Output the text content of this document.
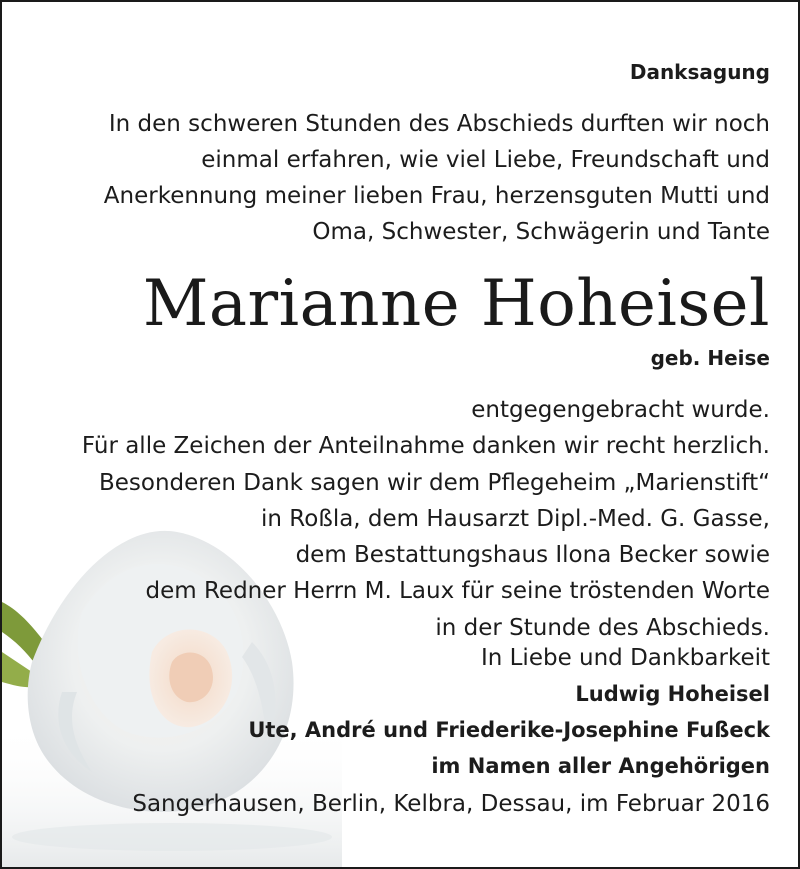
Danksagung
In den schweren Stunden des Abschieds durften wir noch
einmal erfahren, wie viel Liebe, Freundschaft und
Anerkennung meiner lieben Frau, herzensguten Mutti und
Oma, Schwester, Schwägerin und Tante
Marianne Hoheisel
geb. Heise
entgegengebracht wurde.
Für alle Zeichen der Anteilnahme danken wir recht herzlich.
Besonderen Dank sagen wir dem Pflegeheim „Marienstift“
in Roßla, dem Hausarzt Dipl.-Med. G. Gasse,
dem Bestattungshaus Ilona Becker sowie
dem Redner Herrn M. Laux für seine tröstenden Worte
in der Stunde des Abschieds.
In Liebe und Dankbarkeit
Ludwig Hoheisel
Ute, André und Friederike-Josephine Fußeck
im Namen aller Angehörigen
Sangerhausen, Berlin, Kelbra, Dessau, im Februar 2016
